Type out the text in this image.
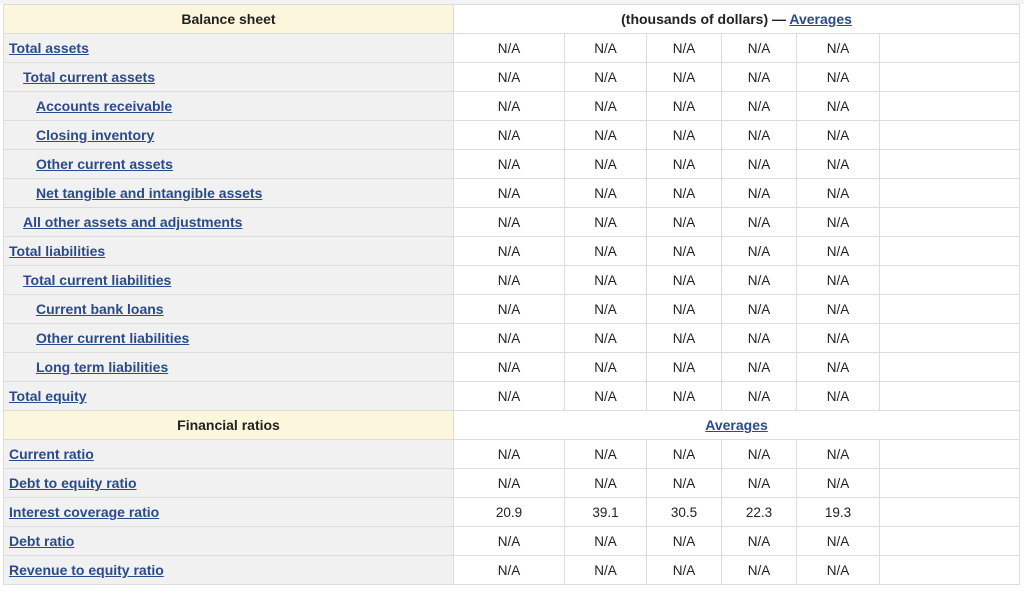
Balance sheet	(thousands of dollars) — Averages					
Total assets	N/A	N/A	N/A	N/A	N/A	
Total current assets	N/A	N/A	N/A	N/A	N/A	
Accounts receivable	N/A	N/A	N/A	N/A	N/A	
Closing inventory	N/A	N/A	N/A	N/A	N/A	
Other current assets	N/A	N/A	N/A	N/A	N/A	
Net tangible and intangible assets	N/A	N/A	N/A	N/A	N/A	
All other assets and adjustments	N/A	N/A	N/A	N/A	N/A	
Total liabilities	N/A	N/A	N/A	N/A	N/A	
Total current liabilities	N/A	N/A	N/A	N/A	N/A	
Current bank loans	N/A	N/A	N/A	N/A	N/A	
Other current liabilities	N/A	N/A	N/A	N/A	N/A	
Long term liabilities	N/A	N/A	N/A	N/A	N/A	
Total equity	N/A	N/A	N/A	N/A	N/A	
Financial ratios	Averages					
Current ratio	N/A	N/A	N/A	N/A	N/A	
Debt to equity ratio	N/A	N/A	N/A	N/A	N/A	
Interest coverage ratio	20.9	39.1	30.5	22.3	19.3	
Debt ratio	N/A	N/A	N/A	N/A	N/A	
Revenue to equity ratio	N/A	N/A	N/A	N/A	N/A	
